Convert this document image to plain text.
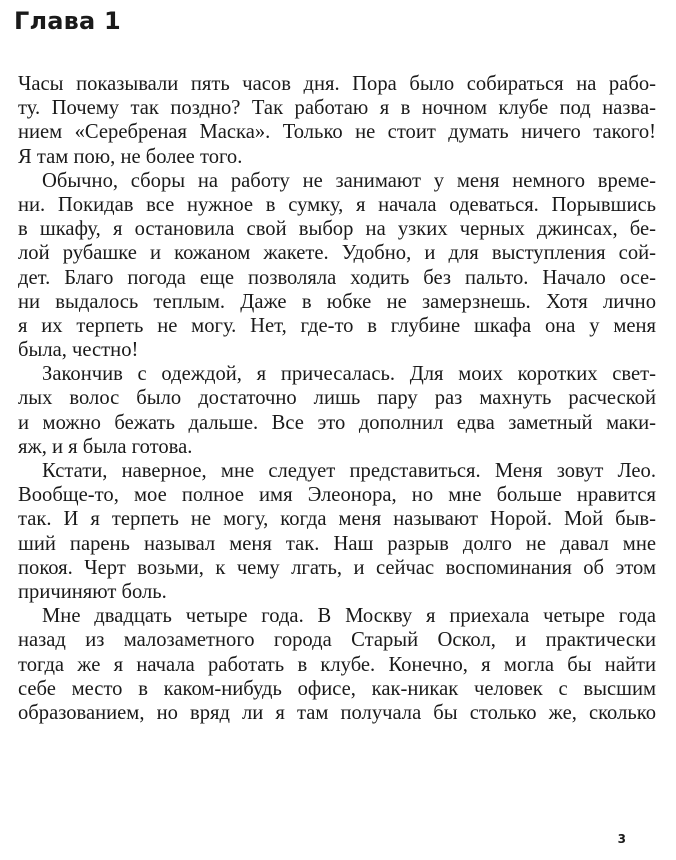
Глава 1
Часы показывали пять часов дня. Пора было собираться на рабо-
ту. Почему так поздно? Так работаю я в ночном клубе под назва-
нием «Серебреная Маска». Только не стоит думать ничего такого!
Я там пою, не более того.
Обычно, сборы на работу не занимают у меня немного време-
ни. Покидав все нужное в сумку, я начала одеваться. Порывшись
в шкафу, я остановила свой выбор на узких черных джинсах, бе-
лой рубашке и кожаном жакете. Удобно, и для выступления сой-
дет. Благо погода еще позволяла ходить без пальто. Начало осе-
ни выдалось теплым. Даже в юбке не замерзнешь. Хотя лично
я их терпеть не могу. Нет, где-то в глубине шкафа она у меня
была, честно!
Закончив с одеждой, я причесалась. Для моих коротких свет-
лых волос было достаточно лишь пару раз махнуть расческой
и можно бежать дальше. Все это дополнил едва заметный маки-
яж, и я была готова.
Кстати, наверное, мне следует представиться. Меня зовут Лео.
Вообще-то, мое полное имя Элеонора, но мне больше нравится
так. И я терпеть не могу, когда меня называют Норой. Мой быв-
ший парень называл меня так. Наш разрыв долго не давал мне
покоя. Черт возьми, к чему лгать, и сейчас воспоминания об этом
причиняют боль.
Мне двадцать четыре года. В Москву я приехала четыре года
назад из малозаметного города Старый Оскол, и практически
тогда же я начала работать в клубе. Конечно, я могла бы найти
себе место в каком-нибудь офисе, как-никак человек с высшим
образованием, но вряд ли я там получала бы столько же, сколько
3
